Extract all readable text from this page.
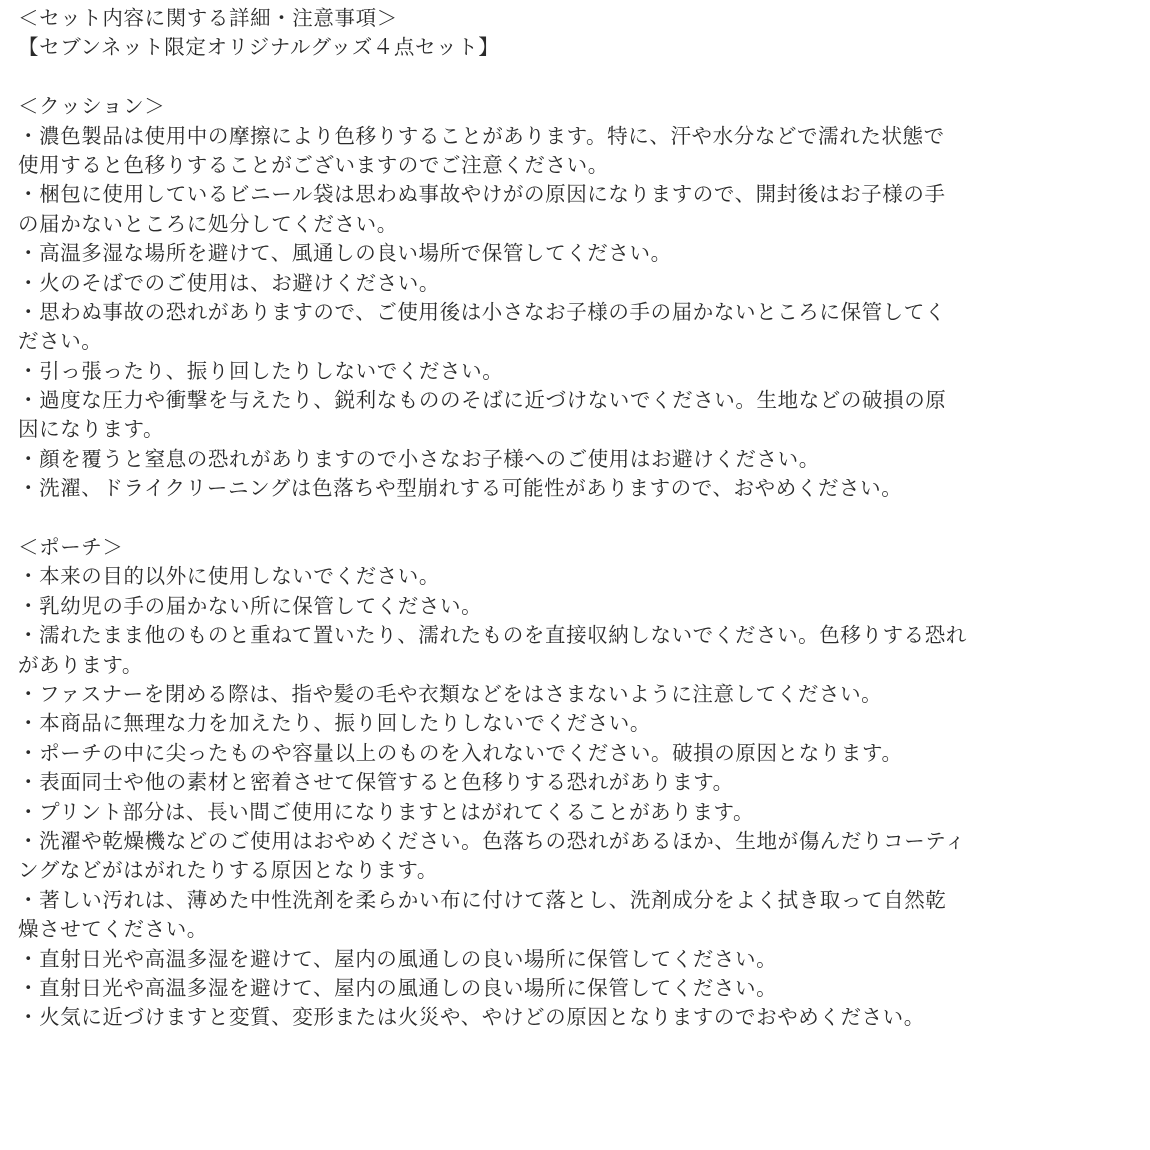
＜セット内容に関する詳細・注意事項＞
【セブンネット限定オリジナルグッズ４点セット】
＜クッション＞
・濃色製品は使用中の摩擦により色移りすることがあります。特に、汗や水分などで濡れた状態で
使用すると色移りすることがございますのでご注意ください。
・梱包に使用しているビニール袋は思わぬ事故やけがの原因になりますので、開封後はお子様の手
の届かないところに処分してください。
・高温多湿な場所を避けて、風通しの良い場所で保管してください。
・火のそばでのご使用は、お避けください。
・思わぬ事故の恐れがありますので、ご使用後は小さなお子様の手の届かないところに保管してく
ださい。
・引っ張ったり、振り回したりしないでください。
・過度な圧力や衝撃を与えたり、鋭利なもののそばに近づけないでください。生地などの破損の原
因になります。
・顔を覆うと窒息の恐れがありますので小さなお子様へのご使用はお避けください。
・洗濯、ドライクリーニングは色落ちや型崩れする可能性がありますので、おやめください。
＜ポーチ＞
・本来の目的以外に使用しないでください。
・乳幼児の手の届かない所に保管してください。
・濡れたまま他のものと重ねて置いたり、濡れたものを直接収納しないでください。色移りする恐れ
があります。
・ファスナーを閉める際は、指や髪の毛や衣類などをはさまないように注意してください。
・本商品に無理な力を加えたり、振り回したりしないでください。
・ポーチの中に尖ったものや容量以上のものを入れないでください。破損の原因となります。
・表面同士や他の素材と密着させて保管すると色移りする恐れがあります。
・プリント部分は、長い間ご使用になりますとはがれてくることがあります。
・洗濯や乾燥機などのご使用はおやめください。色落ちの恐れがあるほか、生地が傷んだりコーティ
ングなどがはがれたりする原因となります。
・著しい汚れは、薄めた中性洗剤を柔らかい布に付けて落とし、洗剤成分をよく拭き取って自然乾
燥させてください。
・直射日光や高温多湿を避けて、屋内の風通しの良い場所に保管してください。
・直射日光や高温多湿を避けて、屋内の風通しの良い場所に保管してください。
・火気に近づけますと変質、変形または火災や、やけどの原因となりますのでおやめください。
